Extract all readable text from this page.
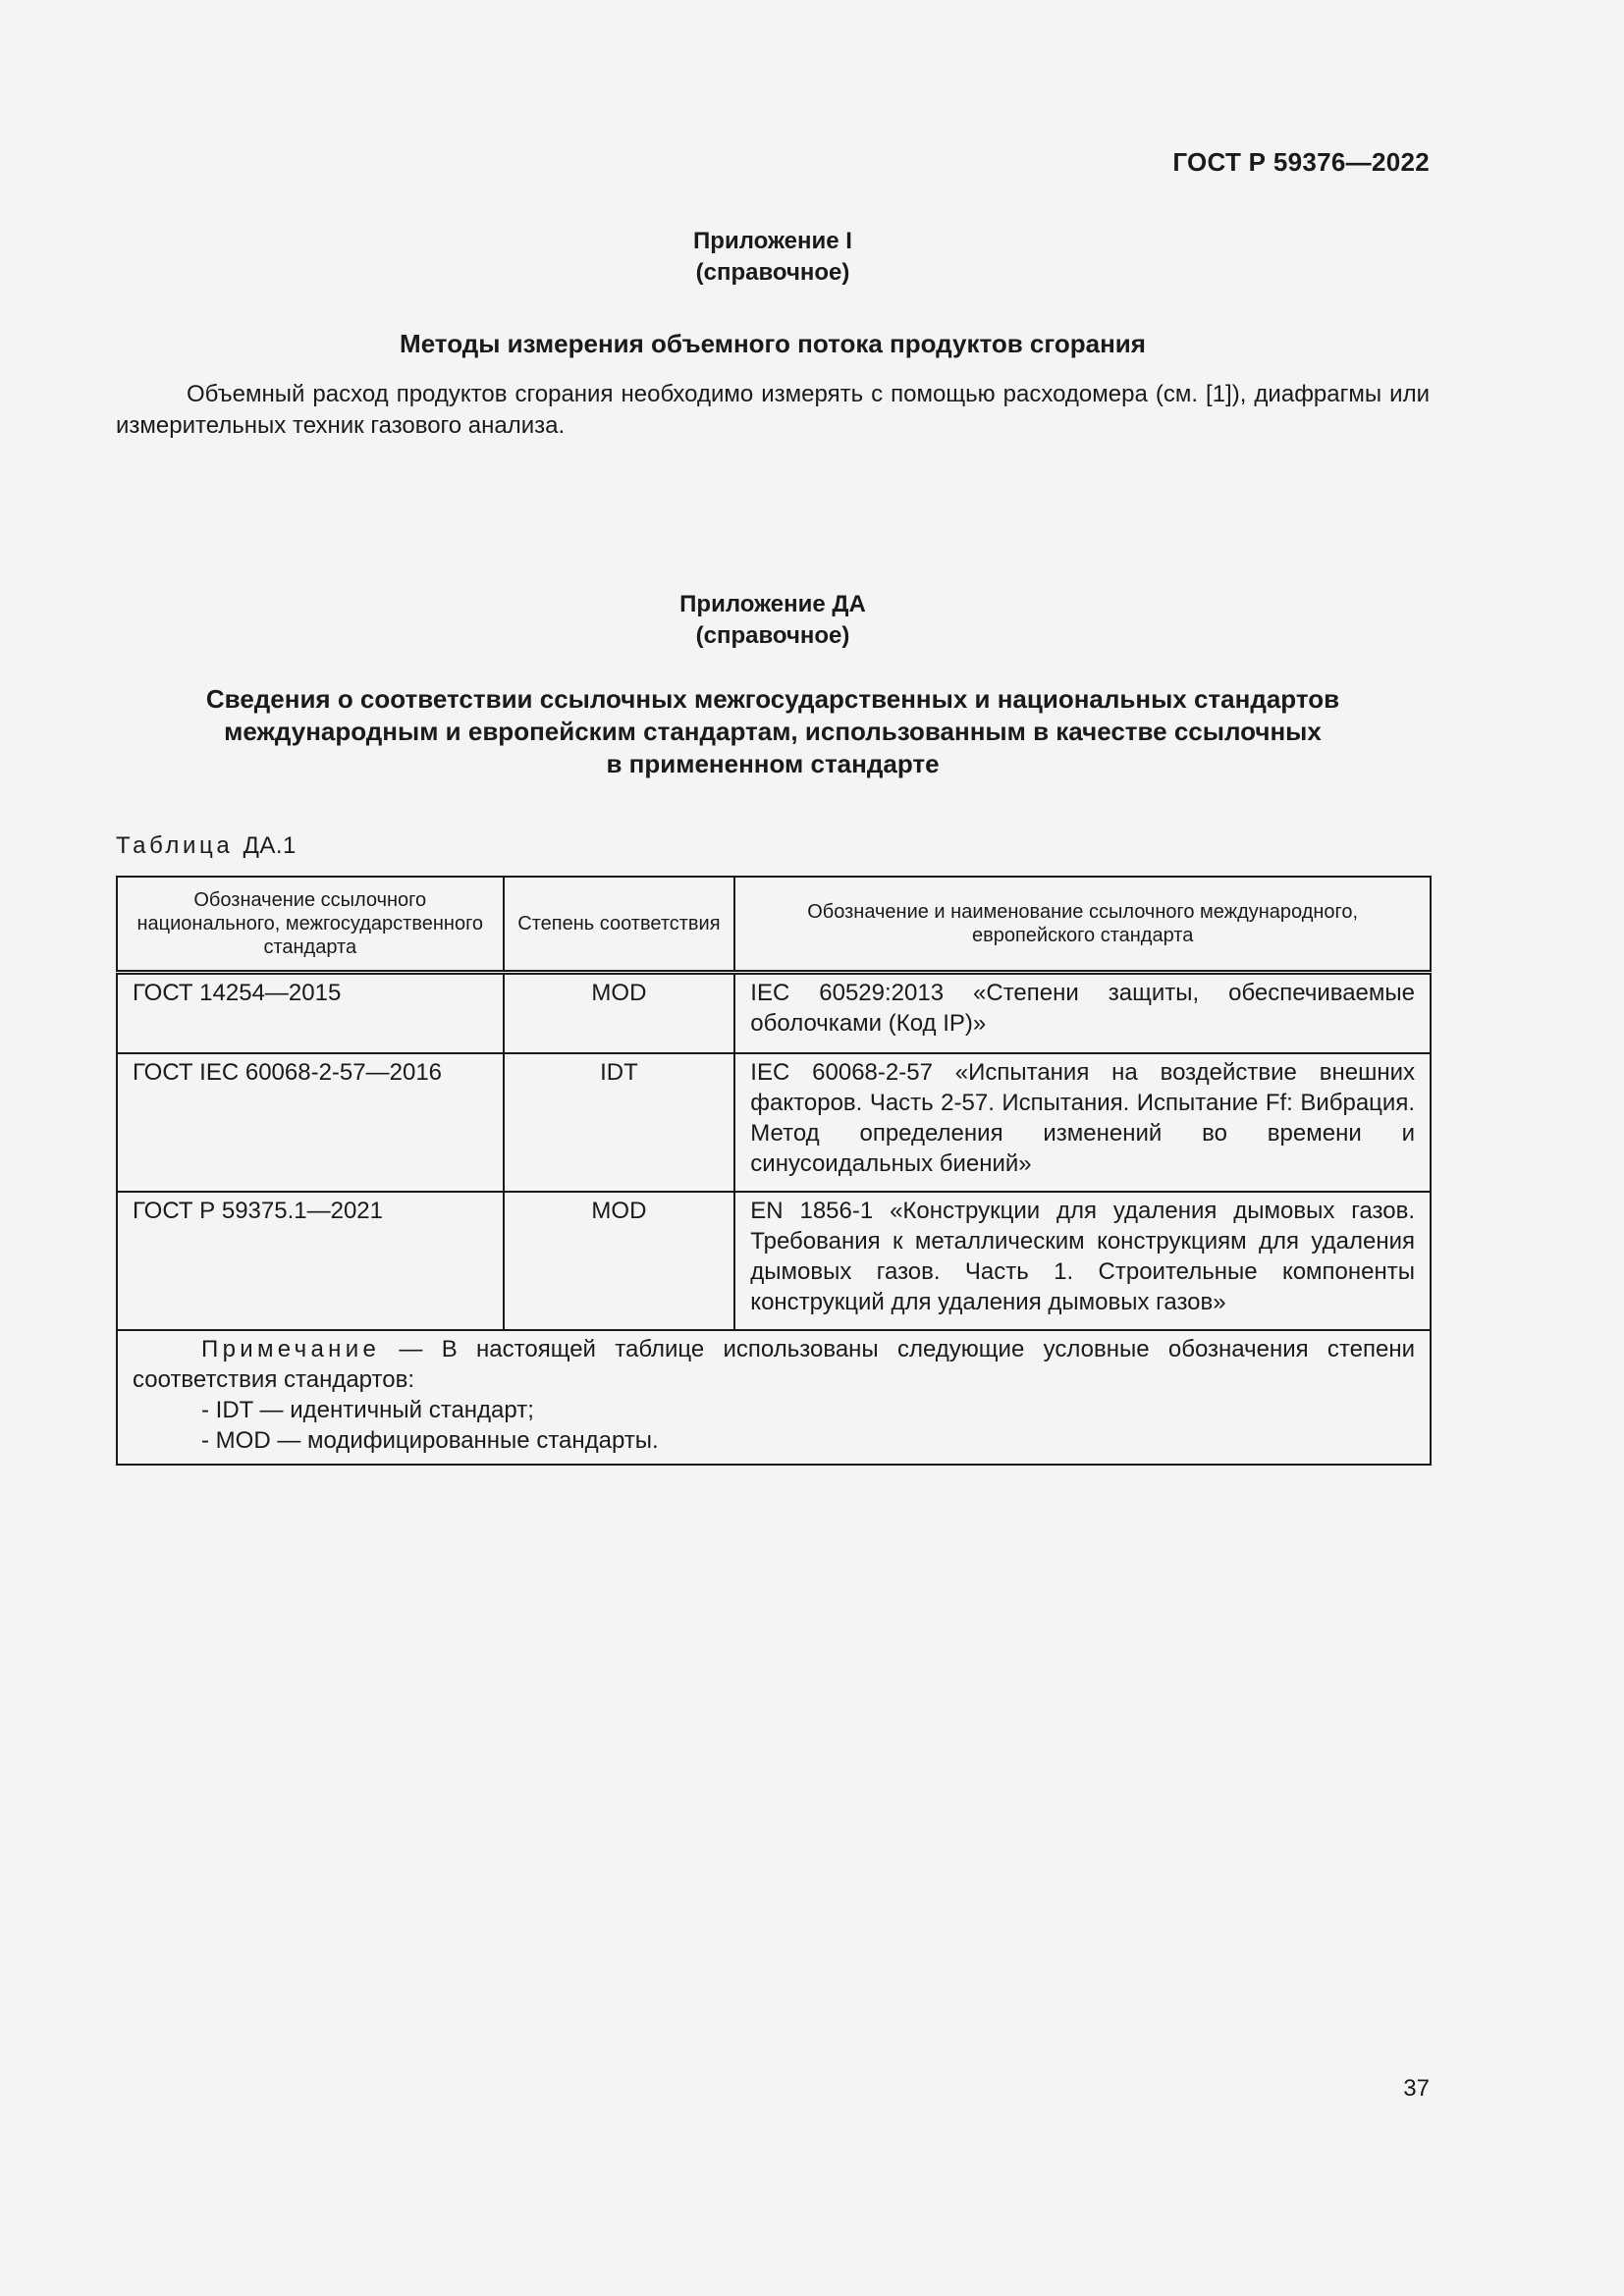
ГОСТ Р 59376—2022
Приложение I
(справочное)
Методы измерения объемного потока продуктов сгорания
Объемный расход продуктов сгорания необходимо измерять с помощью расходомера (см. [1]), диафрагмы или измерительных техник газового анализа.
Приложение ДА
(справочное)
Сведения о соответствии ссылочных межгосударственных и национальных стандартов
международным и европейским стандартам, использованным в качестве ссылочных
в примененном стандарте
Таблица ДА.1
Обозначение ссылочного национального, межгосударственного стандарта	Степень соответствия	Обозначение и наименование ссылочного международного, европейского стандарта
ГОСТ 14254—2015	MOD	IEC 60529:2013 «Степени защиты, обеспечиваемые оболочками (Код IP)»
ГОСТ IEC 60068-2-57—2016	IDT	IEC 60068-2-57 «Испытания на воздействие внешних факторов. Часть 2-57. Испытания. Испытание Ff: Вибрация. Метод определения изменений во времени и синусоидальных биений»
ГОСТ Р 59375.1—2021	MOD	EN 1856-1 «Конструкции для удаления дымовых газов. Требования к металлическим конструкциям для удаления дымовых газов. Часть 1. Строительные компоненты конструкций для удаления дымовых газов»

Примечание — В настоящей таблице использованы следующие условные обозначения степени соответствия стандартов:
- IDT — идентичный стандарт;
- MOD — модифицированные стандарты.		
37
